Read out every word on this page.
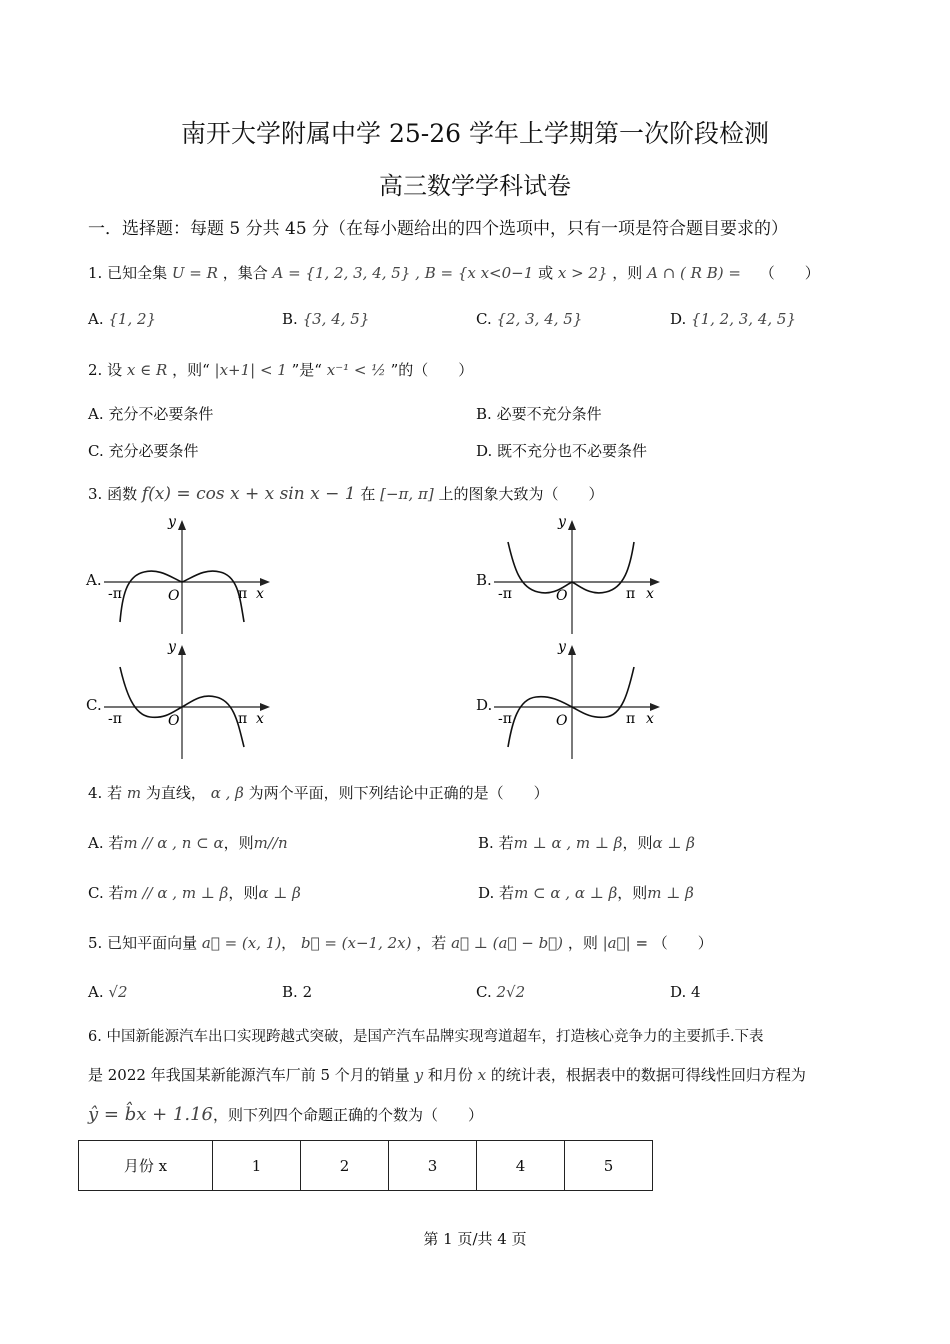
南开大学附属中学 25-26 学年上学期第一次阶段检测
高三数学学科试卷
一．选择题：每题 5 分共 45 分（在每小题给出的四个选项中，只有一项是符合题目要求的）
1. 已知全集 U = R ，集合 A = {1, 2, 3, 4, 5} , B = {x x<0−1 或 x > 2} ，则 A ∩ ( R B) = （　　）
A. {1, 2}	B. {3, 4, 5}	C. {2, 3, 4, 5}	D. {1, 2, 3, 4, 5}
2. 设 x ∈ R ，则“ |x+1| < 1 ”是“ x⁻¹ < ½ ”的（　　）
A. 充分不必要条件	B. 必要不充分条件
C. 充分必要条件	D. 既不充分也不必要条件
3. 函数 f(x) = cos x + x sin x − 1 在 [−π, π] 上的图象大致为（　　）
A.	B.
C.	D.
y
x
O
-π	π
y
x
O
-π	π
y
x
O
-π	π
y
x
O
-π	π
4. 若 m 为直线， α , β 为两个平面，则下列结论中正确的是（　　）
A. 若m // α , n ⊂ α，则m//n	B. 若m ⊥ α , m ⊥ β，则α ⊥ β
C. 若m // α , m ⊥ β，则α ⊥ β	D. 若m ⊂ α , α ⊥ β，则m ⊥ β
5. 已知平面向量 a⃗ = (x, 1)， b⃗ = (x−1, 2x) ，若 a⃗ ⊥ (a⃗ − b⃗) ，则 |a⃗| = （　　）
A. √2	B. 2	C. 2√2	D. 4
6. 中国新能源汽车出口实现跨越式突破，是国产汽车品牌实现弯道超车，打造核心竞争力的主要抓手.下表
是 2022 年我国某新能源汽车厂前 5 个月的销量 y 和月份 x 的统计表，根据表中的数据可得线性回归方程为
ŷ = b̂x + 1.16，则下列四个命题正确的个数为（　　）
月份 x	1	2	3	4	5
第 1 页/共 4 页
